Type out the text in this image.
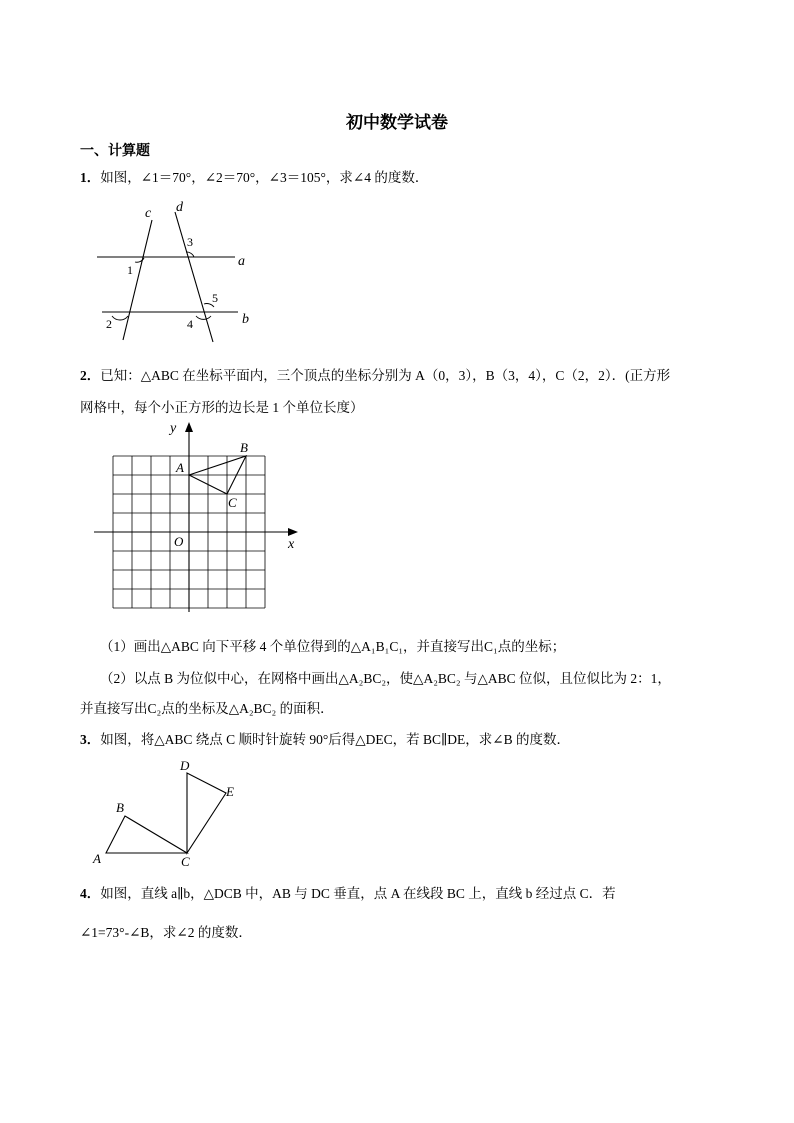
初中数学试卷
一、计算题
1．如图，∠1＝70°，∠2＝70°，∠3＝105°，求∠4 的度数．
c d
a
b
1
2
3
4
5
2．已知：△ABC 在坐标平面内，三个顶点的坐标分别为 A（0，3），B（3，4），C（2，2）．(正方形
网格中，每个小正方形的边长是 1 个单位长度）
y
x
O
A
B
C
（1）画出△ABC 向下平移 4 个单位得到的△A₁B₁C₁，并直接写出C₁点的坐标；
（2）以点 B 为位似中心，在网格中画出△A₂BC₂，使△A₂BC₂ 与△ABC 位似，且位似比为 2：1，
并直接写出C₂点的坐标及△A₂BC₂ 的面积．
3．如图，将△ABC 绕点 C 顺时针旋转 90°后得△DEC，若 BC∥DE，求∠B 的度数．
A
B
C
D
E
4．如图，直线 a∥b，△DCB 中，AB 与 DC 垂直，点 A 在线段 BC 上，直线 b 经过点 C．若
∠1=73°-∠B，求∠2 的度数．
